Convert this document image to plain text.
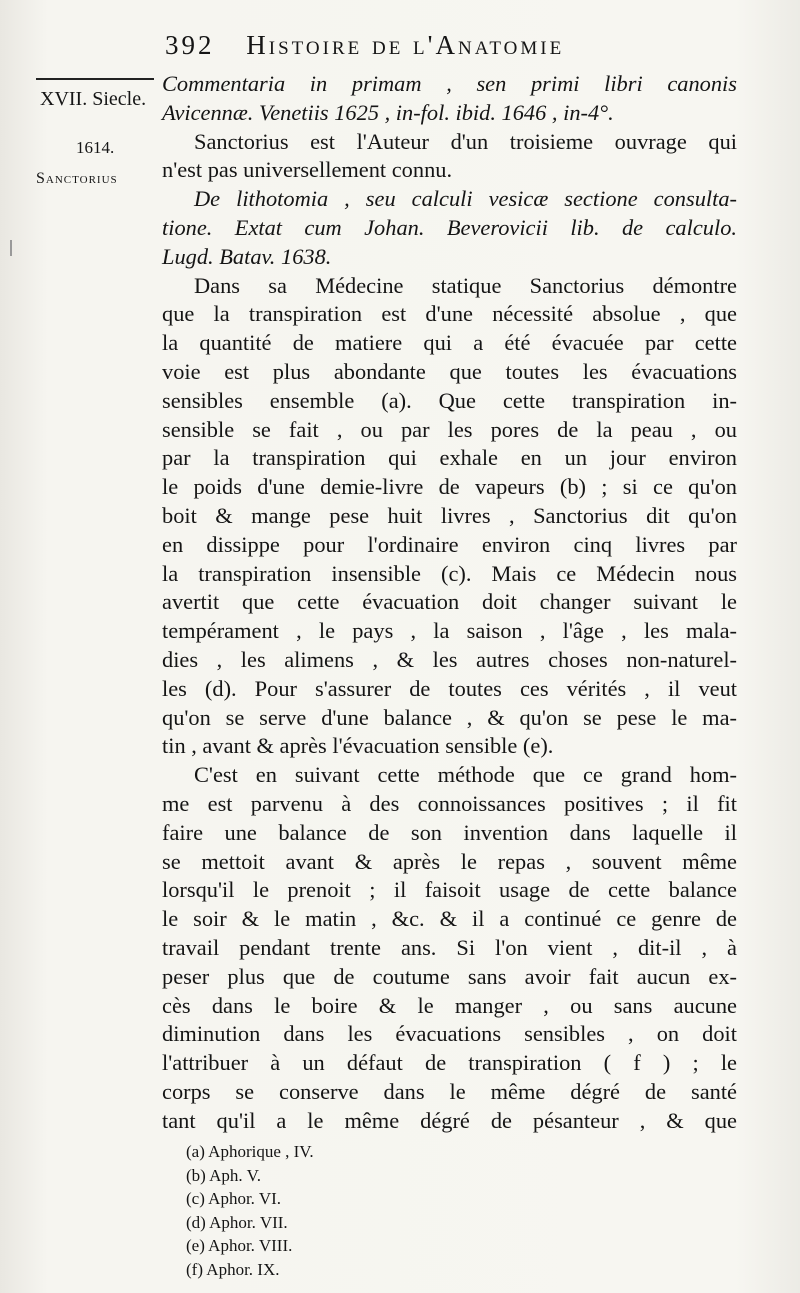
392 Histoire de l'Anatomie
XVII. Siecle.
1614.
Sanctorius
Commentaria in primam , sen primi libri canonis
Avicennæ. Venetiis 1625 , in-fol. ibid. 1646 , in-4°.
Sanctorius est l'Auteur d'un troisieme ouvrage qui
n'est pas universellement connu.
De lithotomia , seu calculi vesicæ sectione consulta-
tione. Extat cum Johan. Beverovicii lib. de calculo.
Lugd. Batav. 1638.
Dans sa Médecine statique Sanctorius démontre
que la transpiration est d'une nécessité absolue , que
la quantité de matiere qui a été évacuée par cette
voie est plus abondante que toutes les évacuations
sensibles ensemble (a). Que cette transpiration in-
sensible se fait , ou par les pores de la peau , ou
par la transpiration qui exhale en un jour environ
le poids d'une demie-livre de vapeurs (b) ; si ce qu'on
boit & mange pese huit livres , Sanctorius dit qu'on
en dissippe pour l'ordinaire environ cinq livres par
la transpiration insensible (c). Mais ce Médecin nous
avertit que cette évacuation doit changer suivant le
tempérament , le pays , la saison , l'âge , les mala-
dies , les alimens , & les autres choses non-naturel-
les (d). Pour s'assurer de toutes ces vérités , il veut
qu'on se serve d'une balance , & qu'on se pese le ma-
tin , avant & après l'évacuation sensible (e).
C'est en suivant cette méthode que ce grand hom-
me est parvenu à des connoissances positives ; il fit
faire une balance de son invention dans laquelle il
se mettoit avant & après le repas , souvent même
lorsqu'il le prenoit ; il faisoit usage de cette balance
le soir & le matin , &c. & il a continué ce genre de
travail pendant trente ans. Si l'on vient , dit-il , à
peser plus que de coutume sans avoir fait aucun ex-
cès dans le boire & le manger , ou sans aucune
diminution dans les évacuations sensibles , on doit
l'attribuer à un défaut de transpiration ( f ) ; le
corps se conserve dans le même dégré de santé
tant qu'il a le même dégré de pésanteur , & que
(a) Aphorique , IV.
(b) Aph. V.
(c) Aphor. VI.
(d) Aphor. VII.
(e) Aphor. VIII.
(f) Aphor. IX.
